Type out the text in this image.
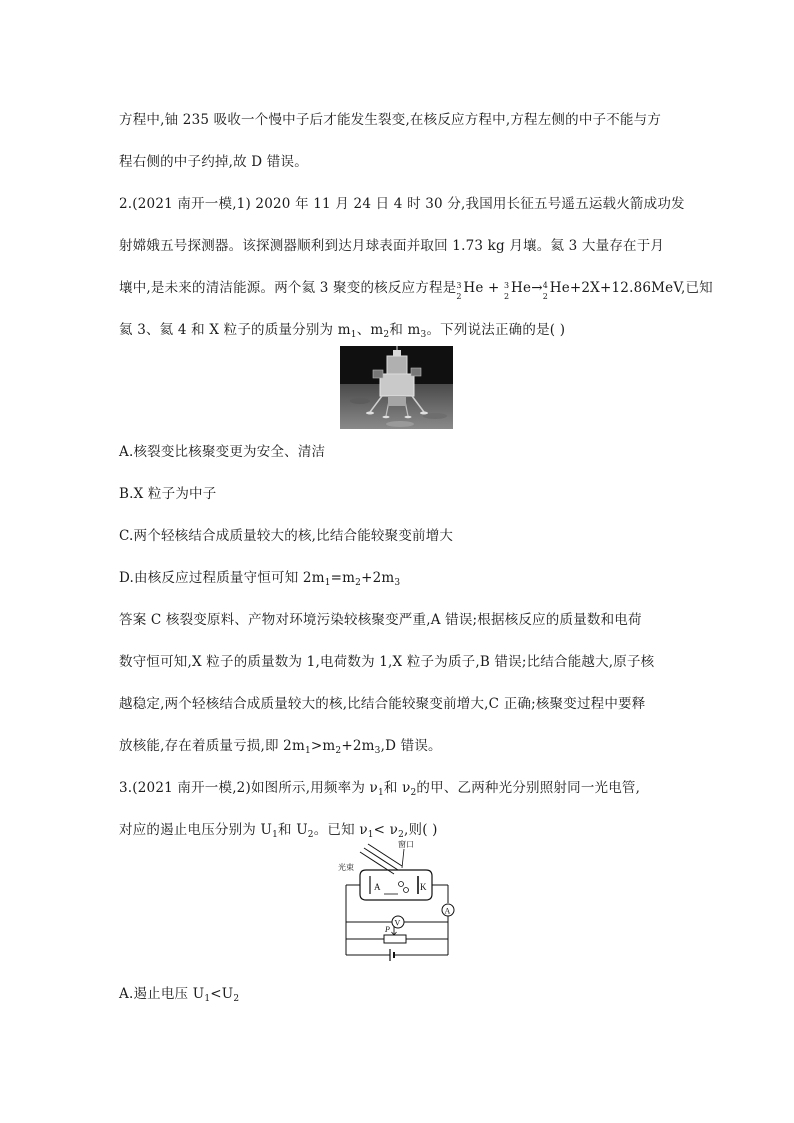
方程中,铀 235 吸收一个慢中子后才能发生裂变,在核反应方程中,方程左侧的中子不能与方
程右侧的中子约掉,故 D 错误。
2.(2021 南开一模,1) 2020 年 11 月 24 日 4 时 30 分,我国用长征五号遥五运载火箭成功发
射嫦娥五号探测器。该探测器顺利到达月球表面并取回 1.73 kg 月壤。氦 3 大量存在于月
壤中,是未来的清洁能源。两个氦 3 聚变的核反应方程是 3
2
He + 3
2
He→ 4
2
He+2X+12.86MeV,已知
氦 3、氦 4 和 X 粒子的质量分别为 $m_1$、$m_2$和 $m_3$。下列说法正确的是( )
A.核裂变比核聚变更为安全、清洁
B.X 粒子为中子
C.两个轻核结合成质量较大的核,比结合能较聚变前增大
D.由核反应过程质量守恒可知 $2m_1=m_2+2m_3$
答案 C 核裂变原料、产物对环境污染较核聚变严重,A 错误;根据核反应的质量数和电荷
数守恒可知,X 粒子的质量数为 1,电荷数为 1,X 粒子为质子,B 错误;比结合能越大,原子核
越稳定,两个轻核结合成质量较大的核,比结合能较聚变前增大,C 正确;核聚变过程中要释
放核能,存在着质量亏损,即 $2m_1>m_2+2m_3,D$ 错误。
3.(2021 南开一模,2)如图所示,用频率为 $\nu_1$和 $\nu_2$的甲、乙两种光分别照射同一光电管,
对应的遏止电压分别为 $U_1$和 $U_2$。已知 $\nu_1< \nu_2$,则( )
窗口
光束
A	K
A
V
P
A.遏止电压 $U_1<U_2$
